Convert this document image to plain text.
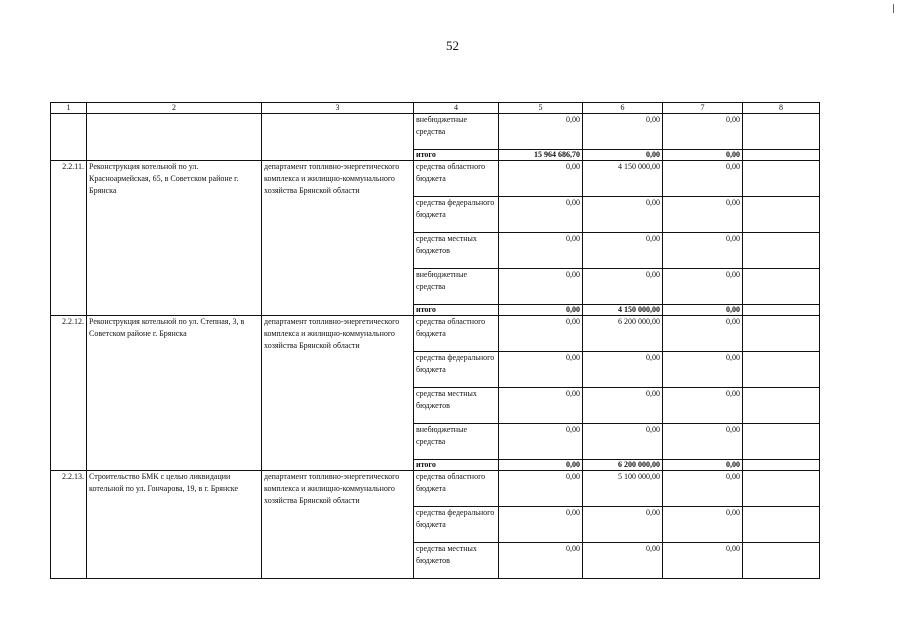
52
1	2	3	4	5	6	7	8
			внебюджетные средства	0,00	0,00	0,00	
			итого	15 964 686,70	0,00	0,00	
2.2.11.	Реконструкция котельной по ул. Красноармейская, 65, в Советском районе г. Брянска	департамент топливно-энергетического комплекса и жилищно-коммунального хозяйства Брянской области	средства областного бюджета	0,00	4 150 000,00	0,00	
			средства федерального бюджета	0,00	0,00	0,00	
			средства местных бюджетов	0,00	0,00	0,00	
			внебюджетные средства	0,00	0,00	0,00	
			итого	0,00	4 150 000,00	0,00	
2.2.12.	Реконструкция котельной по ул. Степная, 3, в Советском районе г. Брянска	департамент топливно-энергетического комплекса и жилищно-коммунального хозяйства Брянской области	средства областного бюджета	0,00	6 200 000,00	0,00	
			средства федерального бюджета	0,00	0,00	0,00	
			средства местных бюджетов	0,00	0,00	0,00	
			внебюджетные средства	0,00	0,00	0,00	
			итого	0,00	6 200 000,00	0,00	
2.2.13.	Строительство БМК с целью ликвидации котельной по ул. Гончарова, 19, в г. Брянске	департамент топливно-энергетического комплекса и жилищно-коммунального хозяйства Брянской области	средства областного бюджета	0,00	5 100 000,00	0,00	
			средства федерального бюджета	0,00	0,00	0,00	
			средства местных бюджетов	0,00	0,00	0,00	
